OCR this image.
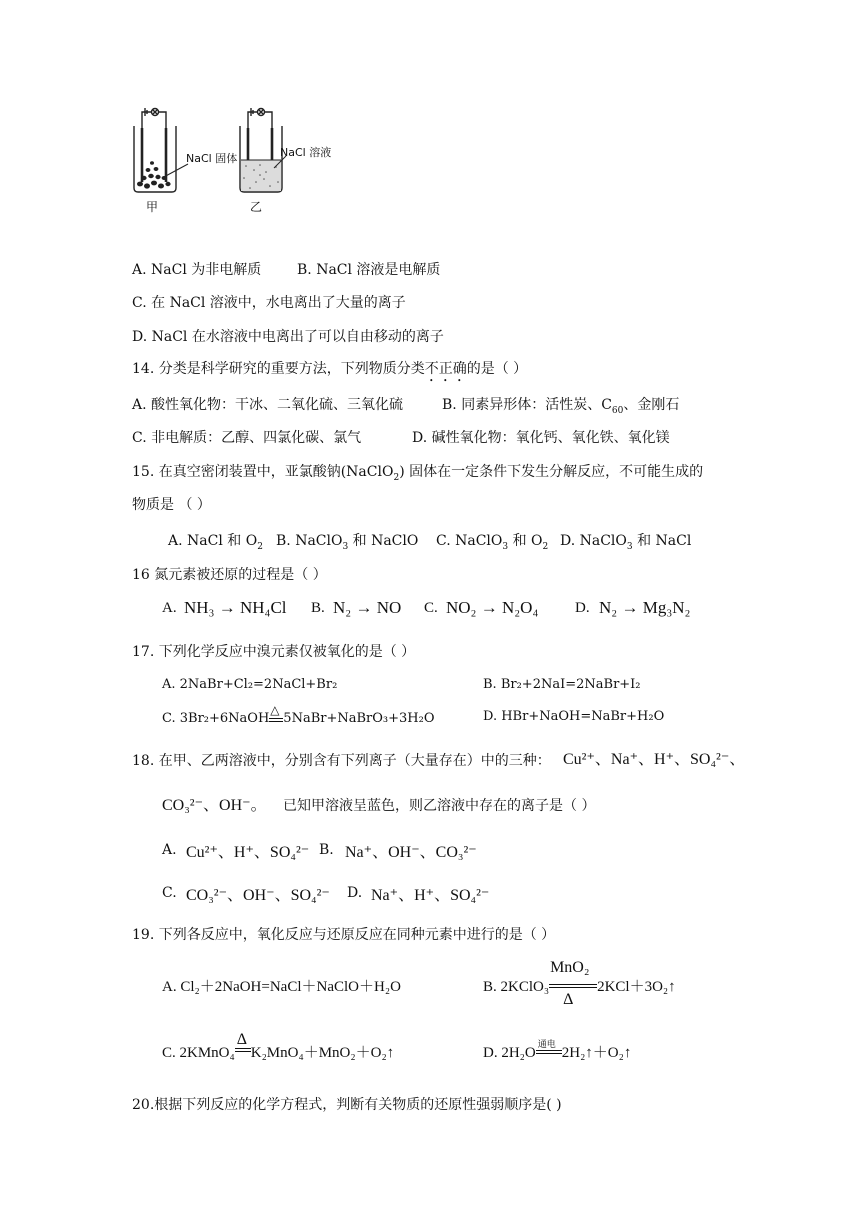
NaCl 固体
甲
NaCl 溶液
乙
A. NaCl 为非电解质	B. NaCl 溶液是电解质
C. 在 NaCl 溶液中，水电离出了大量的离子
D. NaCl 在水溶液中电离出了可以自由移动的离子
14. 分类是科学研究的重要方法，下列物质分类不正确的是（ ）
A. 酸性氧化物：干冰、二氧化硫、三氧化硫	B. 同素异形体：活性炭、$C_{60}$、金刚石
C. 非电解质：乙醇、四氯化碳、氯气	D. 碱性氧化物：氧化钙、氧化铁、氧化镁
15. 在真空密闭装置中，亚氯酸钠(NaClO$_2$) 固体在一定条件下发生分解反应，不可能生成的
物质是 （ ）
A. NaCl 和 $O_2$ B. NaClO$_3$ 和 NaClO C. NaClO$_3$ 和 $O_2$ D. NaClO$_3$ 和 NaCl
16 氮元素被还原的过程是（ ）
A. NH₃ → NH₄Cl B. N₂ → NO C. NO₂ → N₂O₄ D. N₂ → Mg₃N₂
17. 下列化学反应中溴元素仅被氧化的是（ ）
A. 2NaBr+Cl₂=2NaCl+Br₂	B. Br₂+2NaI=2NaBr+I₂
C. 3Br₂+6NaOH
△
5NaBr+NaBrO₃+3H₂O	D. HBr+NaOH=NaBr+H₂O
18. 在甲、乙两溶液中，分别含有下列离子（大量存在）中的三种： Cu²⁺、Na⁺、H⁺、SO₄²⁻、
CO₃²⁻、OH⁻。 已知甲溶液呈蓝色，则乙溶液中存在的离子是（ ）
A. Cu²⁺、H⁺、SO₄²⁻ B. Na⁺、OH⁻、CO₃²⁻
C. CO₃²⁻、OH⁻、SO₄²⁻ D. Na⁺、H⁺、SO₄²⁻
19. 下列各反应中，氧化反应与还原反应在同种元素中进行的是（ ）
A. Cl₂＋2NaOH=NaCl＋NaClO＋H₂O	B. 2KClO₃
MnO₂
Δ
2KCl＋3O₂↑
C. 2KMnO₄
Δ
K₂MnO₄＋MnO₂＋O₂↑	D. 2H₂O
通电
2H₂↑＋O₂↑
20.根据下列反应的化学方程式，判断有关物质的还原性强弱顺序是( )
